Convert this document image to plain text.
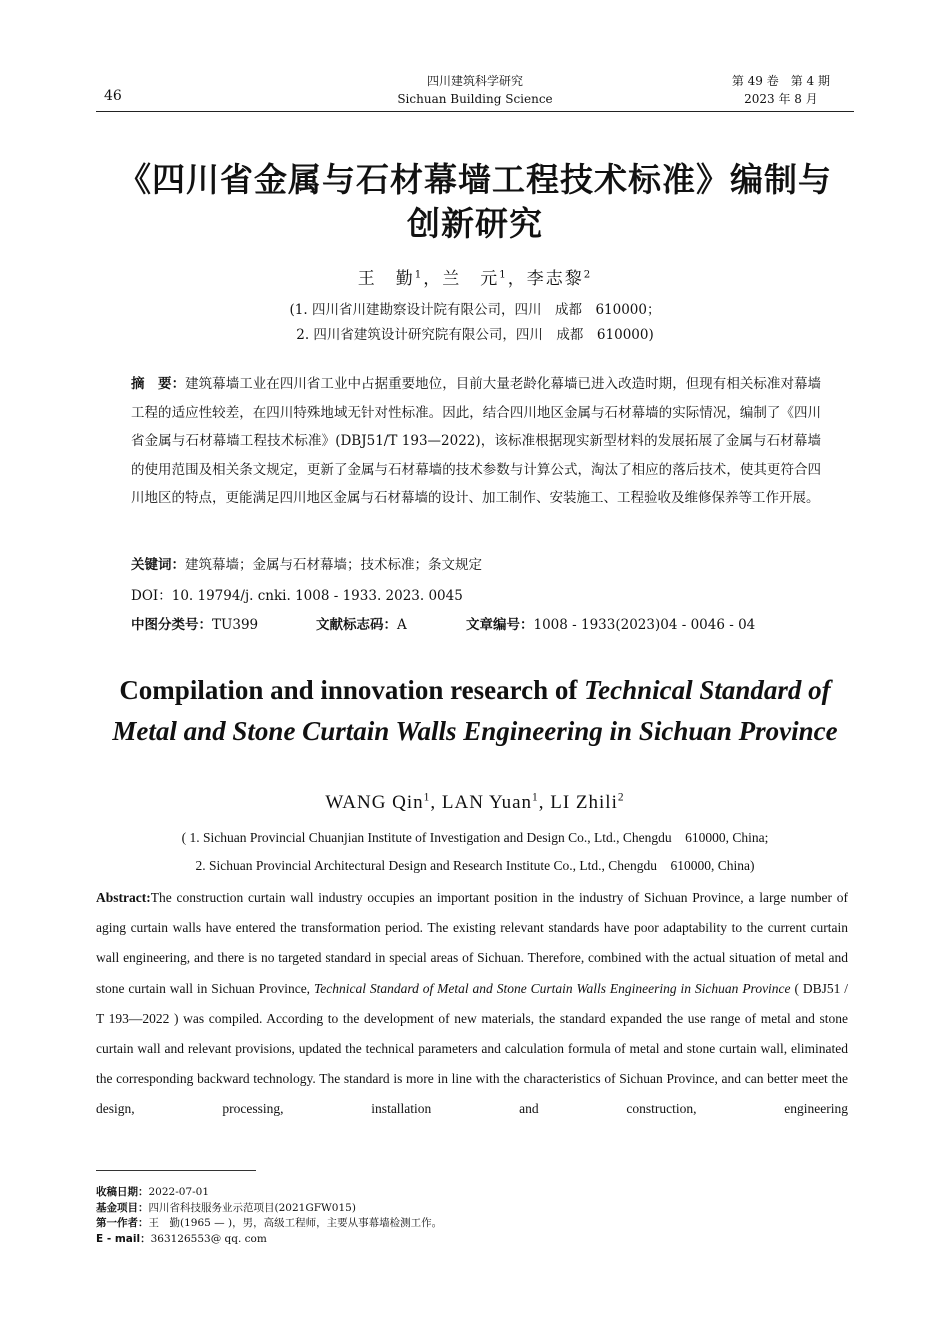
46
四川建筑科学研究
Sichuan Building Science
第 49 卷　第 4 期
2023 年 8 月
《四川省金属与石材幕墙工程技术标准》编制与
创新研究
王　勤$^1$，兰　元$^1$，李志黎$^2$
(1. 四川省川建勘察设计院有限公司，四川　成都　610000；
2. 四川省建筑设计研究院有限公司，四川　成都　610000)
摘　要：建筑幕墙工业在四川省工业中占据重要地位，目前大量老龄化幕墙已进入改造时期，但现有相关标准对幕墙工程的适应性较差，在四川特殊地域无针对性标准。因此，结合四川地区金属与石材幕墙的实际情况，编制了《四川省金属与石材幕墙工程技术标准》(DBJ51/T 193—2022)，该标准根据现实新型材料的发展拓展了金属与石材幕墙的使用范围及相关条文规定，更新了金属与石材幕墙的技术参数与计算公式，淘汰了相应的落后技术，使其更符合四川地区的特点，更能满足四川地区金属与石材幕墙的设计、加工制作、安装施工、工程验收及维修保养等工作开展。
关键词：建筑幕墙；金属与石材幕墙；技术标准；条文规定
DOI：10. 19794/j. cnki. 1008 - 1933. 2023. 0045
中图分类号：TU399	文献标志码：A	文章编号：1008 - 1933(2023)04 - 0046 - 04
Compilation and innovation research of Technical Standard of Metal and Stone Curtain Walls Engineering in Sichuan Province
WANG Qin$^1$, LAN Yuan$^1$, LI Zhili$^2$
( 1. Sichuan Provincial Chuanjian Institute of Investigation and Design Co., Ltd., Chengdu　610000, China;
2. Sichuan Provincial Architectural Design and Research Institute Co., Ltd., Chengdu　610000, China)
Abstract:The construction curtain wall industry occupies an important position in the industry of Sichuan Province, a large number of aging curtain walls have entered the transformation period. The existing relevant standards have poor adaptability to the current curtain wall engineering, and there is no targeted standard in special areas of Sichuan. Therefore, combined with the actual situation of metal and stone curtain wall in Sichuan Province, Technical Standard of Metal and Stone Curtain Walls Engineering in Sichuan Province ( DBJ51 / T 193—2022 ) was compiled. According to the development of new materials, the standard expanded the use range of metal and stone curtain wall and relevant provisions, updated the technical parameters and calculation formula of metal and stone curtain wall, eliminated the corresponding backward technology. The standard is more in line with the characteristics of Sichuan Province, and can better meet the design, processing, installation and construction, engineering
收稿日期：2022-07-01
基金项目：四川省科技服务业示范项目(2021GFW015)
第一作者：王　勤(1965 — )，男，高级工程师，主要从事幕墙检测工作。
E - mail：363126553@ qq. com
